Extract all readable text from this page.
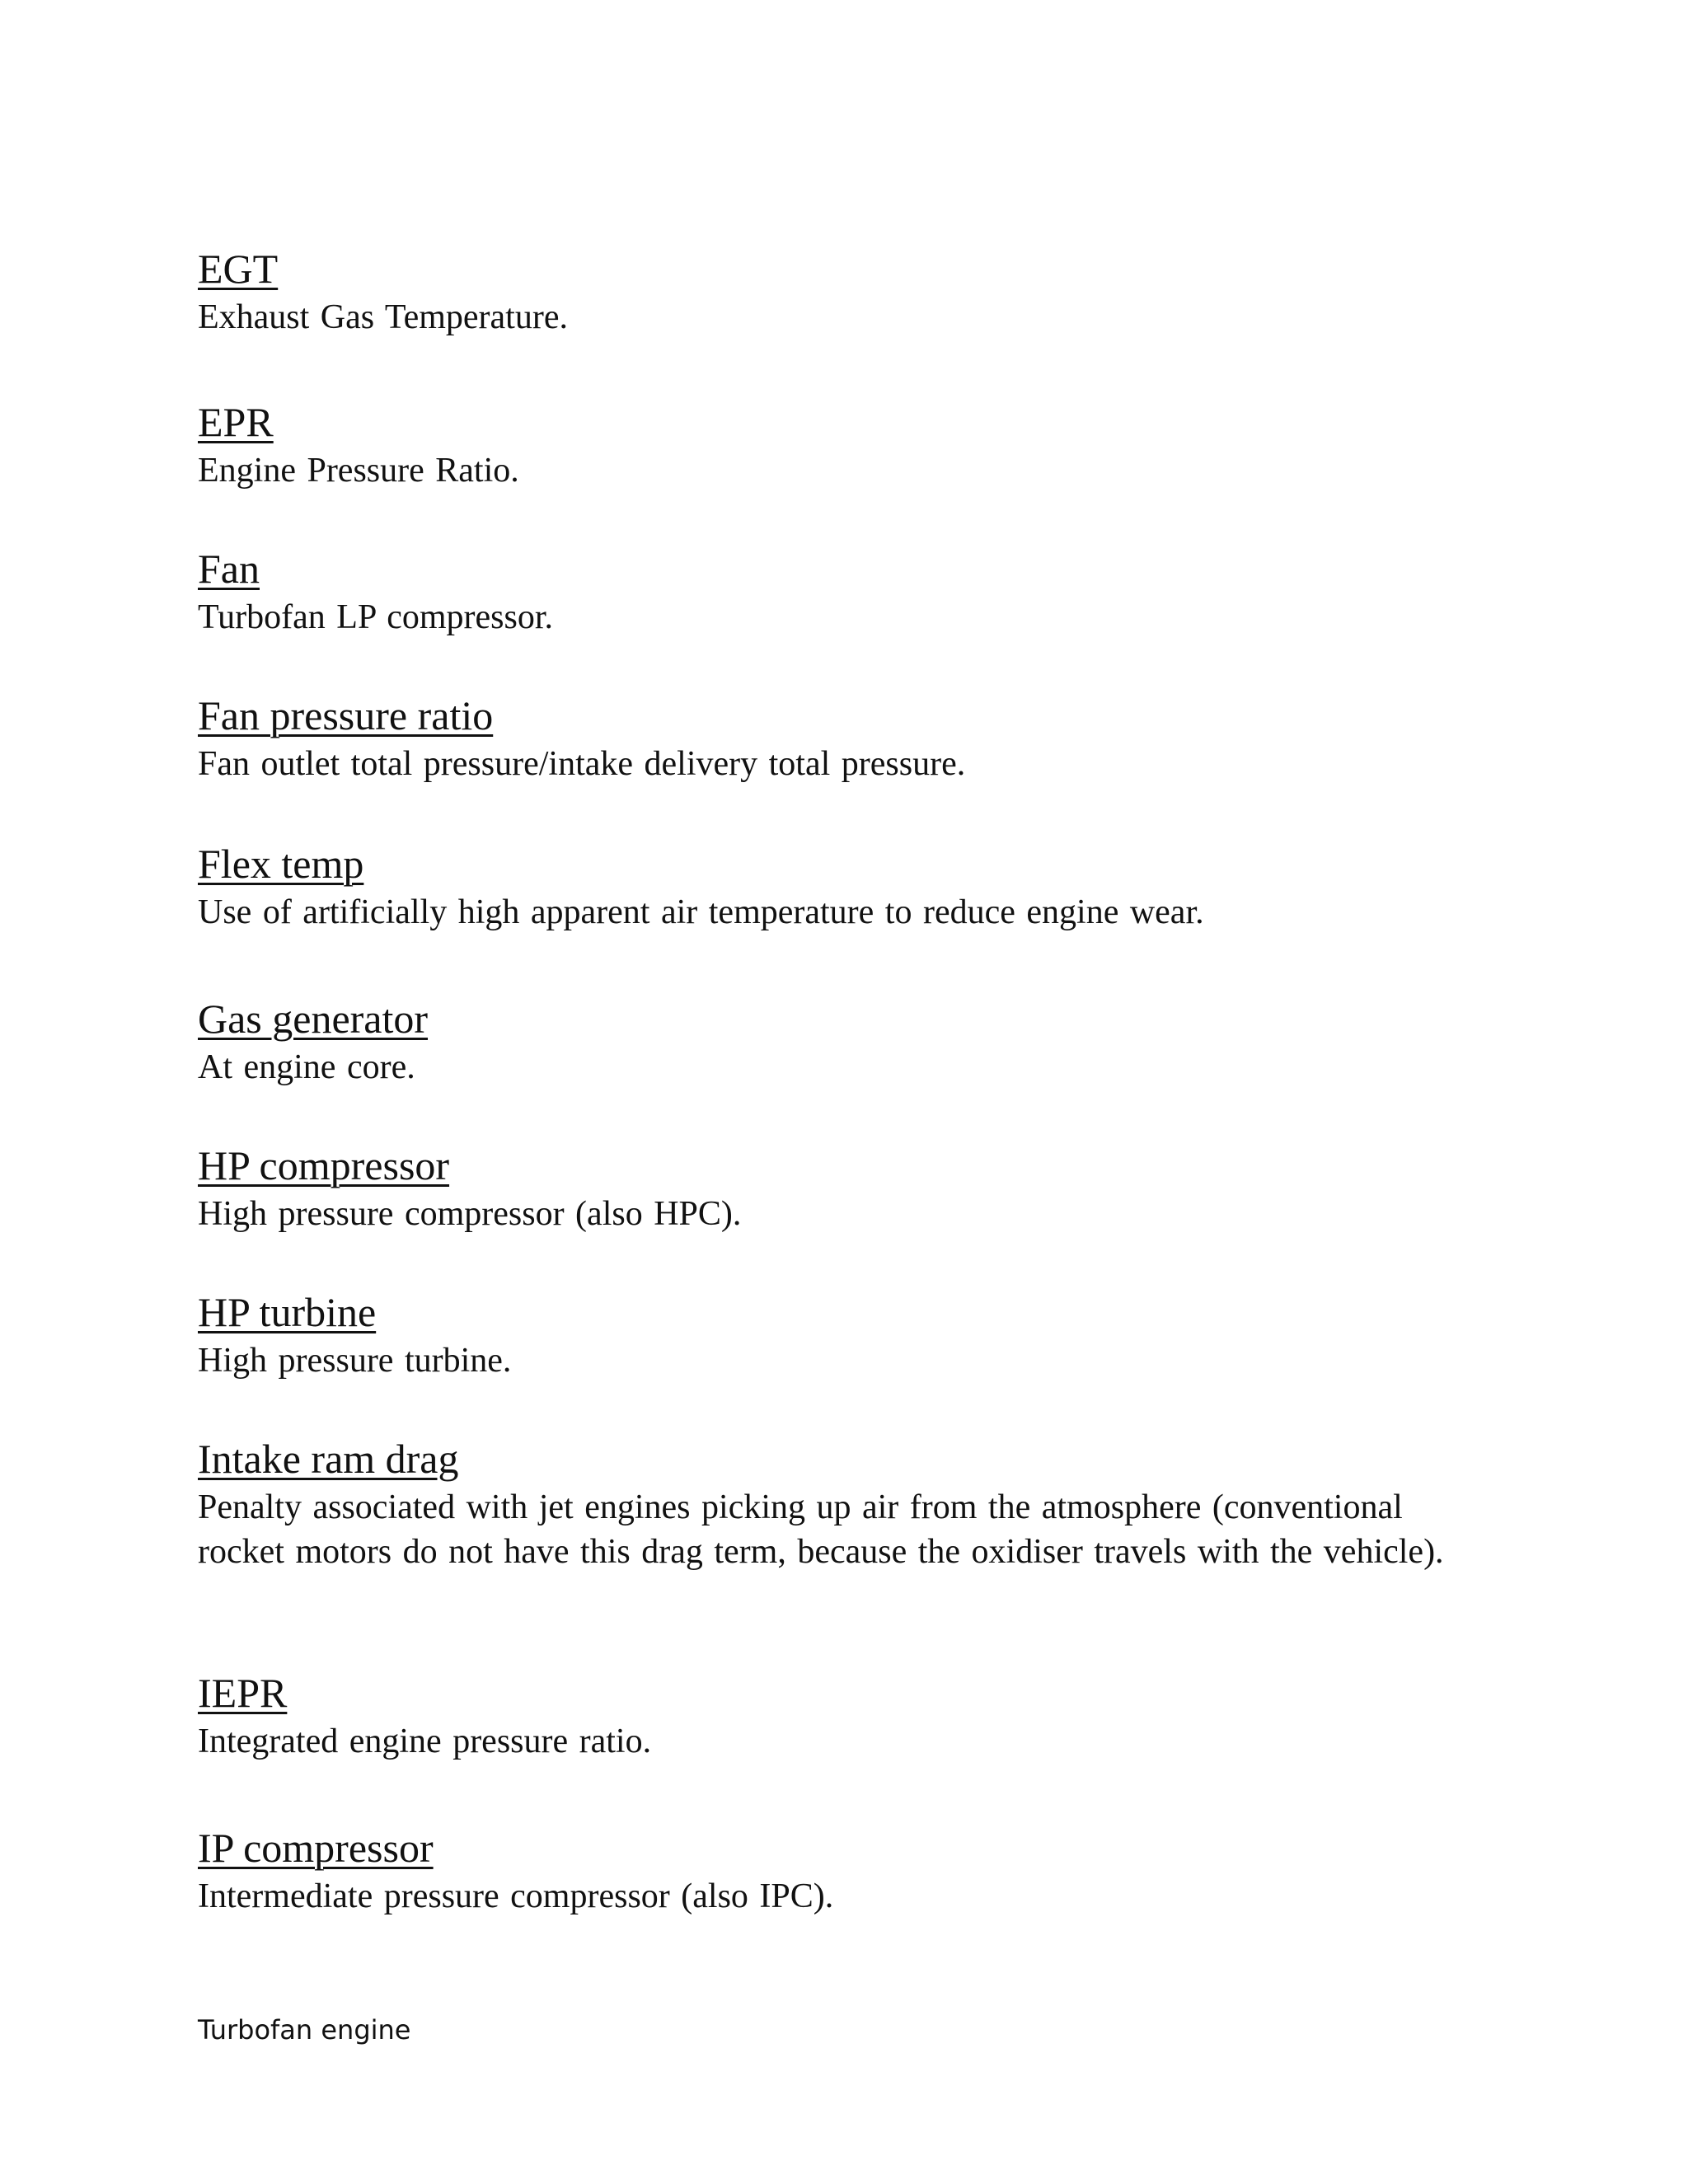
EGT
Exhaust Gas Temperature.
EPR
Engine Pressure Ratio.
Fan
Turbofan LP compressor.
Fan pressure ratio
Fan outlet total pressure/intake delivery total pressure.
Flex temp
Use of artificially high apparent air temperature to reduce engine wear.
Gas generator
At engine core.
HP compressor
High pressure compressor (also HPC).
HP turbine
High pressure turbine.
Intake ram drag
Penalty associated with jet engines picking up air from the atmosphere (conventional rocket motors do not have this drag term, because the oxidiser travels with the vehicle).
IEPR
Integrated engine pressure ratio.
IP compressor
Intermediate pressure compressor (also IPC).
Turbofan engine
